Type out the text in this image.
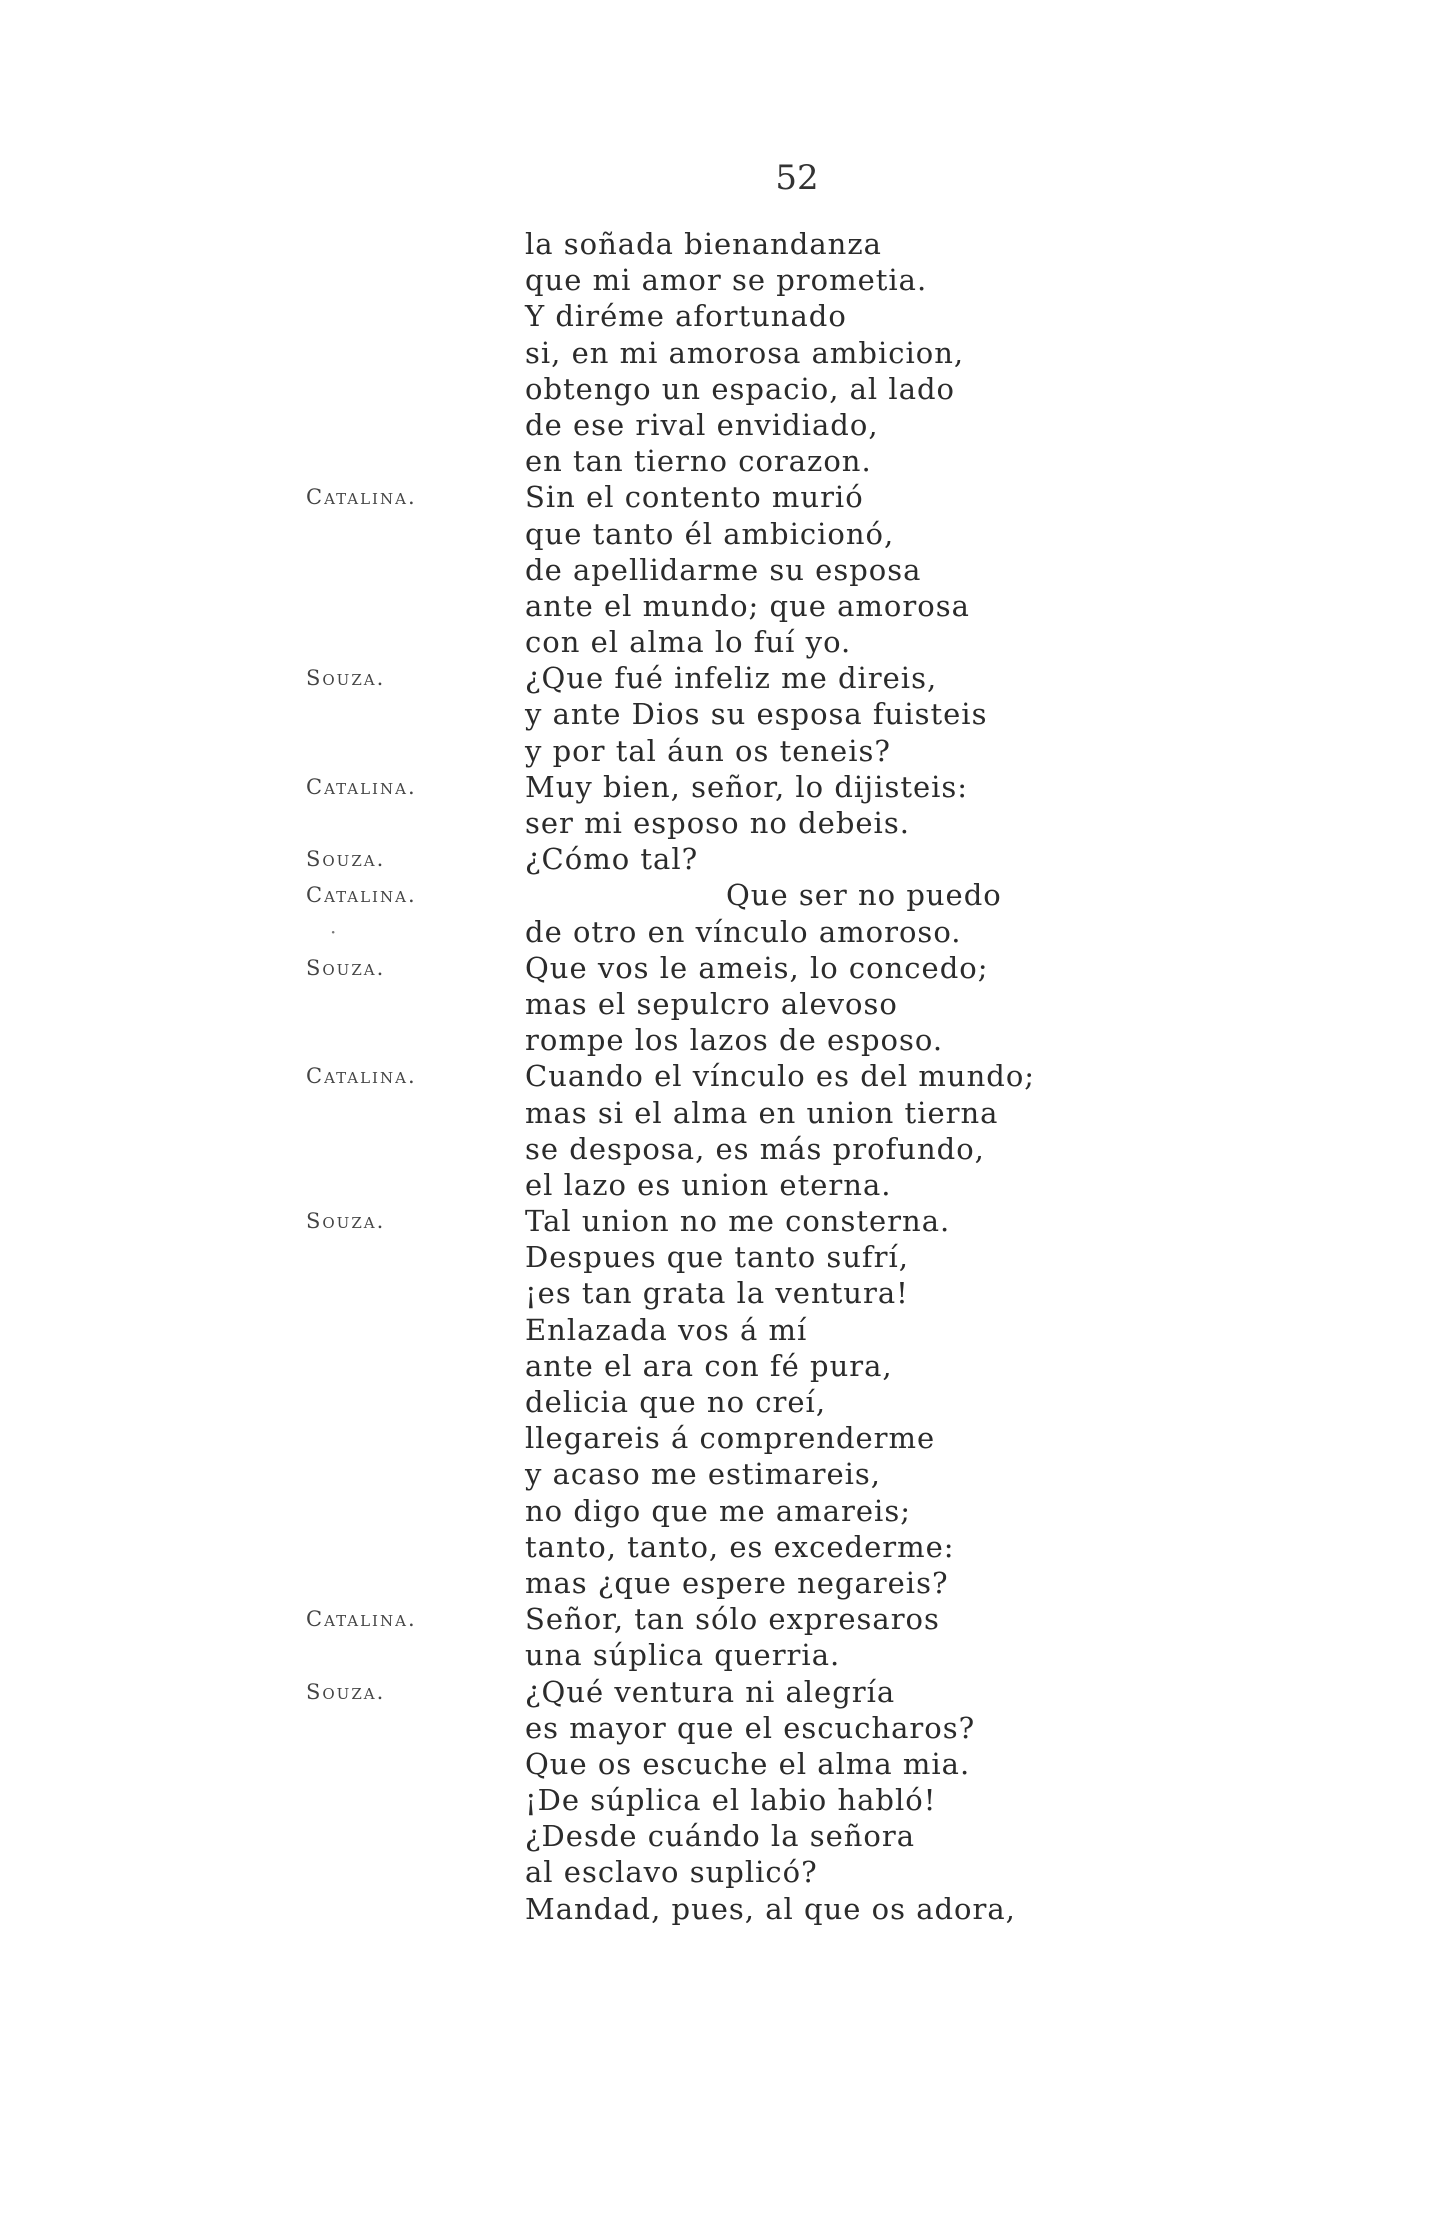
52
la soñada bienandanza
que mi amor se prometia.
Y diréme afortunado
si, en mi amorosa ambicion,
obtengo un espacio, al lado
de ese rival envidiado,
en tan tierno corazon.
Catalina.	Sin el contento murió
que tanto él ambicionó,
de apellidarme su esposa
ante el mundo; que amorosa
con el alma lo fuí yo.
Souza.	¿Que fué infeliz me direis,
y ante Dios su esposa fuisteis
y por tal áun os teneis?
Catalina.	Muy bien, señor, lo dijisteis:
ser mi esposo no debeis.
Souza.	¿Cómo tal?
Catalina.	Que ser no puedo
·	de otro en vínculo amoroso.
Souza.	Que vos le ameis, lo concedo;
mas el sepulcro alevoso
rompe los lazos de esposo.
Catalina.	Cuando el vínculo es del mundo;
mas si el alma en union tierna
se desposa, es más profundo,
el lazo es union eterna.
Souza.	Tal union no me consterna.
Despues que tanto sufrí,
¡es tan grata la ventura!
Enlazada vos á mí
ante el ara con fé pura,
delicia que no creí,
llegareis á comprenderme
y acaso me estimareis,
no digo que me amareis;
tanto, tanto, es excederme:
mas ¿que espere negareis?
Catalina.	Señor, tan sólo expresaros
una súplica querria.
Souza.	¿Qué ventura ni alegría
es mayor que el escucharos?
Que os escuche el alma mia.
¡De súplica el labio habló!
¿Desde cuándo la señora
al esclavo suplicó?
Mandad, pues, al que os adora,
